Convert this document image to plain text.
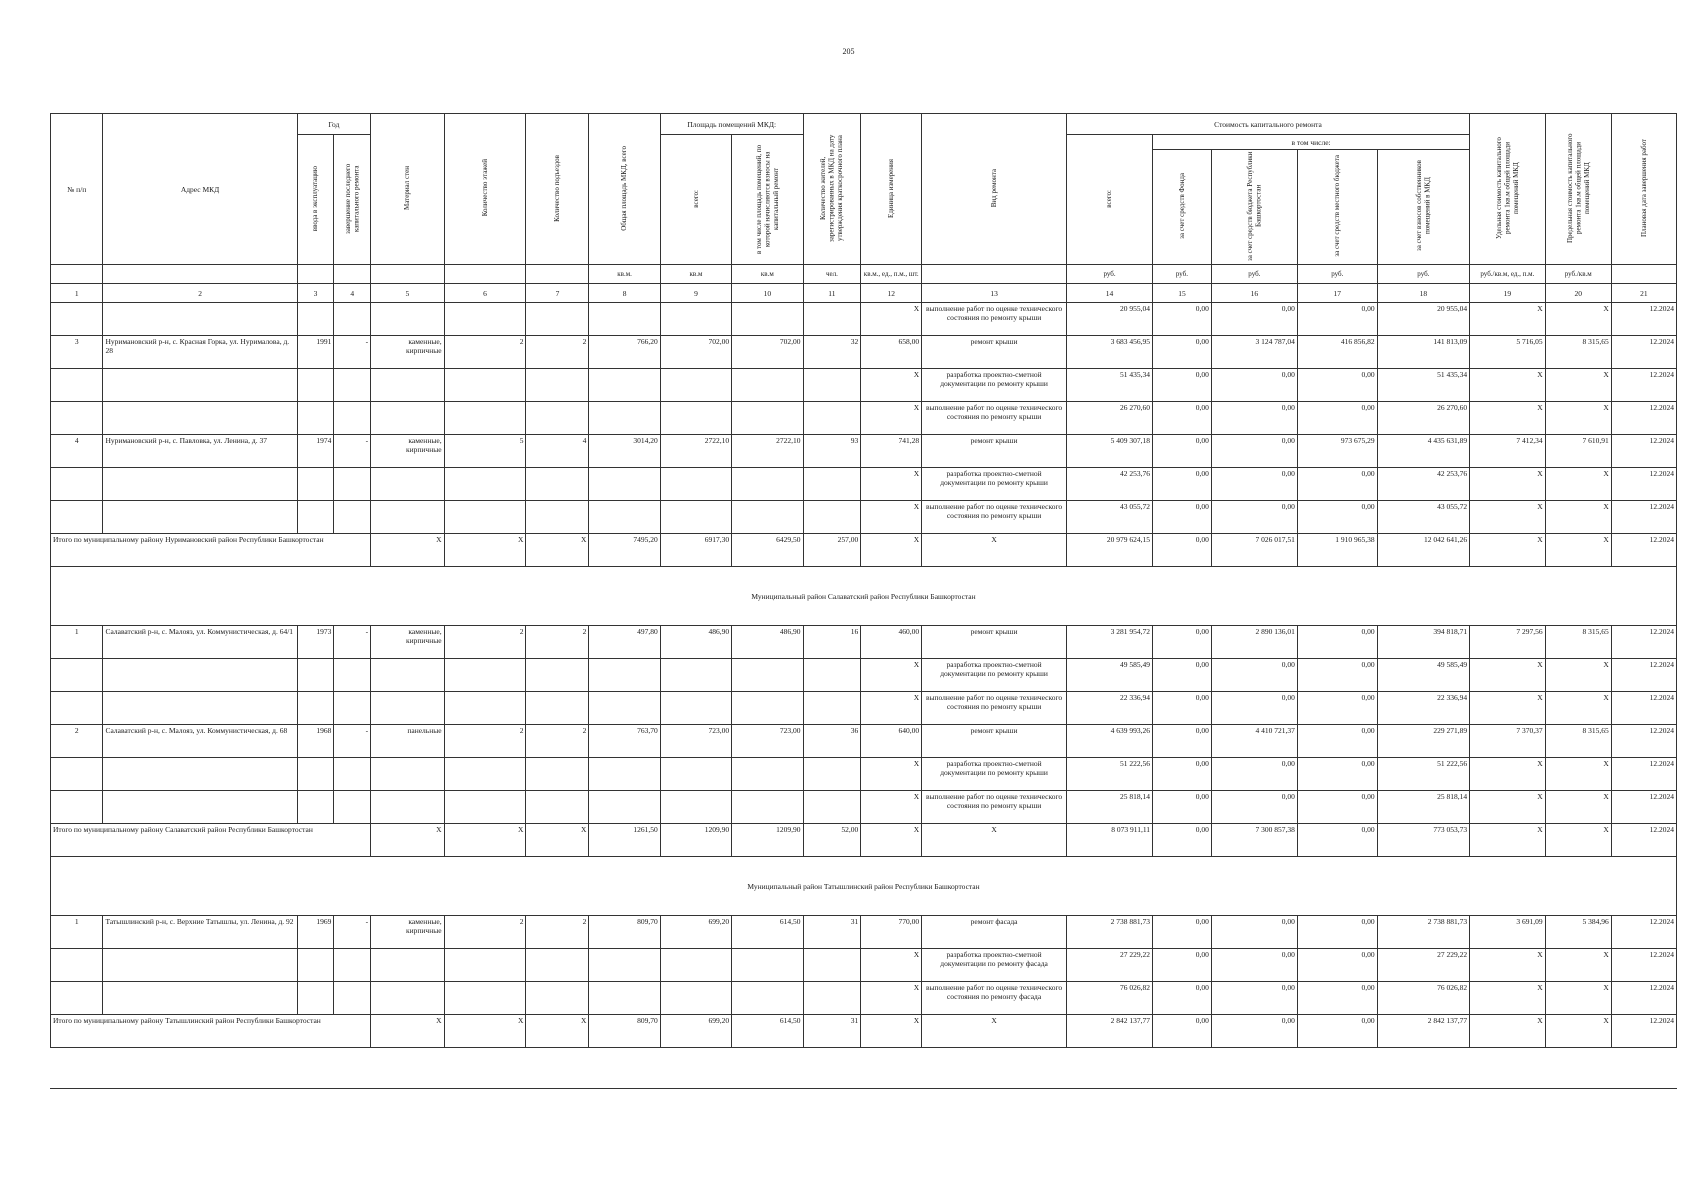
205
№ п/п	Адрес МКД	Год		Материал стен	Количество этажей	Количество подъездов	Общая площадь МКД, всего	Площадь помещений МКД:		Количество жителей, зарегистрированных в МКД на дату утверждения краткосрочного плана	Единица измерения	Вид ремонта	Стоимость капитального ремонта					Удельная стоимость капитального ремонта 1кв.м общей площади помещений МКД	Предельная стоимость капитального ремонта 1кв.м общей площади помещений МКД	Плановая дата завершения работ
		ввода в эксплуатацию	завершение последнего капитального ремонта					всего:	в том числе площадь помещений, по которой начисляются взносы на капитальный ремонт				всего:	в том числе:						
														за счет средств Фонда	за счет средств бюджета Республики Башкортостан	за счет средств местного бюджета	за счет взносов собственников помещений в МКД			
							кв.м.	кв.м	кв.м	чел.	кв.м., ед., п.м., шт.		руб.	руб.	руб.	руб.	руб.	руб./кв.м, ед., п.м.	руб./кв.м	
1	2	3	4	5	6	7	8	9	10	11	12	13	14	15	16	17	18	19	20	21
											X	выполнение работ по оценке технического состояния по ремонту крыши	20 955,04	0,00	0,00	0,00	20 955,04	X	X	12.2024
3	Нуримановский р-н, с. Красная Горка, ул. Нурималова, д. 28	1991	-	каменные, кирпичные	2	2	766,20	702,00	702,00	32	658,00	ремонт крыши	3 683 456,95	0,00	3 124 787,04	416 856,82	141 813,09	5 716,05	8 315,65	12.2024
											X	разработка проектно-сметной документации по ремонту крыши	51 435,34	0,00	0,00	0,00	51 435,34	X	X	12.2024
											X	выполнение работ по оценке технического состояния по ремонту крыши	26 270,60	0,00	0,00	0,00	26 270,60	X	X	12.2024
4	Нуримановский р-н, с. Павловка, ул. Ленина, д. 37	1974	-	каменные, кирпичные	5	4	3014,20	2722,10	2722,10	93	741,28	ремонт крыши	5 409 307,18	0,00	0,00	973 675,29	4 435 631,89	7 412,34	7 610,91	12.2024
											X	разработка проектно-сметной документации по ремонту крыши	42 253,76	0,00	0,00	0,00	42 253,76	X	X	12.2024
											X	выполнение работ по оценке технического состояния по ремонту крыши	43 055,72	0,00	0,00	0,00	43 055,72	X	X	12.2024
Итого по муниципальному району Нуримановский район Республики Башкортостан				X	X	X	7495,20	6917,30	6429,50	257,00	X	X	20 979 624,15	0,00	7 026 017,51	1 910 965,38	12 042 641,26	X	X	12.2024
Муниципальный район Салаватский район Республики Башкортостан																				
1	Салаватский р-н, с. Малояз, ул. Коммунистическая, д. 64/1	1973	-	каменные, кирпичные	2	2	497,80	486,90	486,90	16	460,00	ремонт крыши	3 281 954,72	0,00	2 890 136,01	0,00	394 818,71	7 297,56	8 315,65	12.2024
											X	разработка проектно-сметной документации по ремонту крыши	49 585,49	0,00	0,00	0,00	49 585,49	X	X	12.2024
											X	выполнение работ по оценке технического состояния по ремонту крыши	22 336,94	0,00	0,00	0,00	22 336,94	X	X	12.2024
2	Салаватский р-н, с. Малояз, ул. Коммунистическая, д. 68	1968	-	панельные	2	2	763,70	723,00	723,00	36	640,00	ремонт крыши	4 639 993,26	0,00	4 410 721,37	0,00	229 271,89	7 370,37	8 315,65	12.2024
											X	разработка проектно-сметной документации по ремонту крыши	51 222,56	0,00	0,00	0,00	51 222,56	X	X	12.2024
											X	выполнение работ по оценке технического состояния по ремонту крыши	25 818,14	0,00	0,00	0,00	25 818,14	X	X	12.2024
Итого по муниципальному району Салаватский район Республики Башкортостан				X	X	X	1261,50	1209,90	1209,90	52,00	X	X	8 073 911,11	0,00	7 300 857,38	0,00	773 053,73	X	X	12.2024
Муниципальный район Татышлинский район Республики Башкортостан																				
1	Татышлинский р-н, с. Верхние Татышлы, ул. Ленина, д. 92	1969	-	каменные, кирпичные	2	2	809,70	699,20	614,50	31	770,00	ремонт фасада	2 738 881,73	0,00	0,00	0,00	2 738 881,73	3 691,09	5 384,96	12.2024
											X	разработка проектно-сметной документации по ремонту фасада	27 229,22	0,00	0,00	0,00	27 229,22	X	X	12.2024
											X	выполнение работ по оценке технического состояния по ремонту фасада	76 026,82	0,00	0,00	0,00	76 026,82	X	X	12.2024
Итого по муниципальному району Татышлинский район Республики Башкортостан				X	X	X	809,70	699,20	614,50	31	X	X	2 842 137,77	0,00	0,00	0,00	2 842 137,77	X	X	12.2024
